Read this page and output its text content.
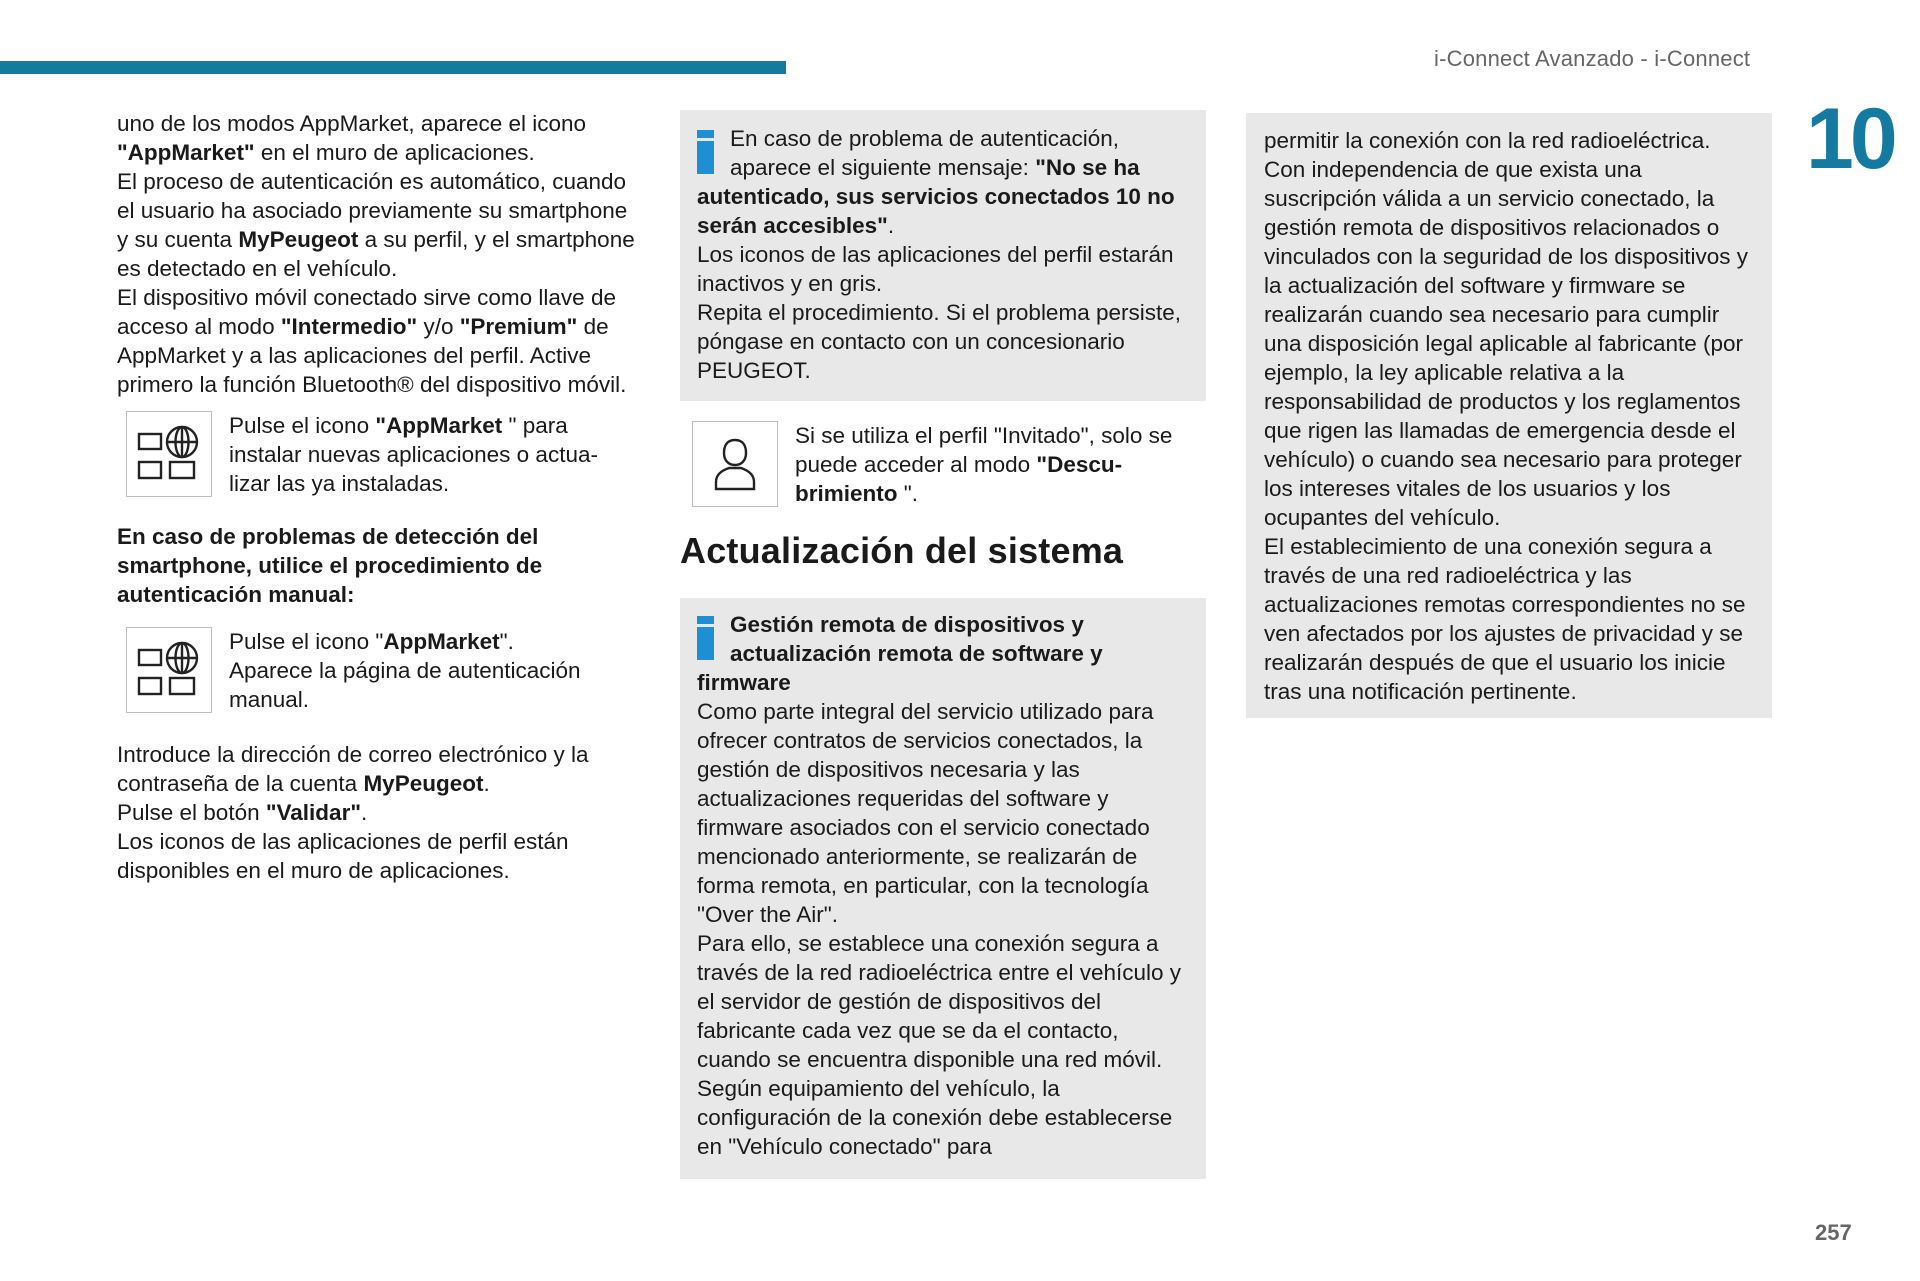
i-Connect Avanzado - i-Connect
10
257

uno de los modos AppMarket, aparece el icono
"AppMarket" en el muro de aplicaciones.
El proceso de autenticación es automático, cuando el usuario ha asociado previamente su smartphone y su cuenta MyPeugeot a su perfil, y el smartphone es detectado en el vehículo.
El dispositivo móvil conectado sirve como llave de acceso al modo "Intermedio" y/o "Premium" de AppMarket y a las aplicaciones del perfil. Active primero la función Bluetooth® del dispositivo móvil.

Pulse el icono "AppMarket " para instalar nuevas aplicaciones o actua-lizar las ya instaladas.

En caso de problemas de detección del smartphone, utilice el procedimiento de autenticación manual:

Pulse el icono "AppMarket".
Aparece la página de autenticación manual.

Introduce la dirección de correo electrónico y la contraseña de la cuenta MyPeugeot.
Pulse el botón "Validar".
Los iconos de las aplicaciones de perfil están disponibles en el muro de aplicaciones.

En caso de problema de autenticación, aparece el siguiente mensaje: "No se ha autenticado, sus servicios conectados 10 no serán accesibles".
Los iconos de las aplicaciones del perfil estarán inactivos y en gris.
Repita el procedimiento. Si el problema persiste, póngase en contacto con un concesionario PEUGEOT.
Si se utiliza el perfil "Invitado", solo se puede acceder al modo "Descu-brimiento ".

Actualización del sistema

Gestión remota de dispositivos y actualización remota de software y firmware
Como parte integral del servicio utilizado para ofrecer contratos de servicios conectados, la gestión de dispositivos necesaria y las actualizaciones requeridas del software y firmware asociados con el servicio conectado mencionado anteriormente, se realizarán de forma remota, en particular, con la tecnología "Over the Air".
Para ello, se establece una conexión segura a través de la red radioeléctrica entre el vehículo y el servidor de gestión de dispositivos del fabricante cada vez que se da el contacto, cuando se encuentra disponible una red móvil.
Según equipamiento del vehículo, la configuración de la conexión debe establecerse en "Vehículo conectado" para
permitir la conexión con la red radioeléctrica.
Con independencia de que exista una suscripción válida a un servicio conectado, la gestión remota de dispositivos relacionados o vinculados con la seguridad de los dispositivos y la actualización del software y firmware se realizarán cuando sea necesario para cumplir una disposición legal aplicable al fabricante (por ejemplo, la ley aplicable relativa a la responsabilidad de productos y los reglamentos que rigen las llamadas de emergencia desde el vehículo) o cuando sea necesario para proteger los intereses vitales de los usuarios y los ocupantes del vehículo.
El establecimiento de una conexión segura a través de una red radioeléctrica y las actualizaciones remotas correspondientes no se ven afectados por los ajustes de privacidad y se realizarán después de que el usuario los inicie tras una notificación pertinente.
